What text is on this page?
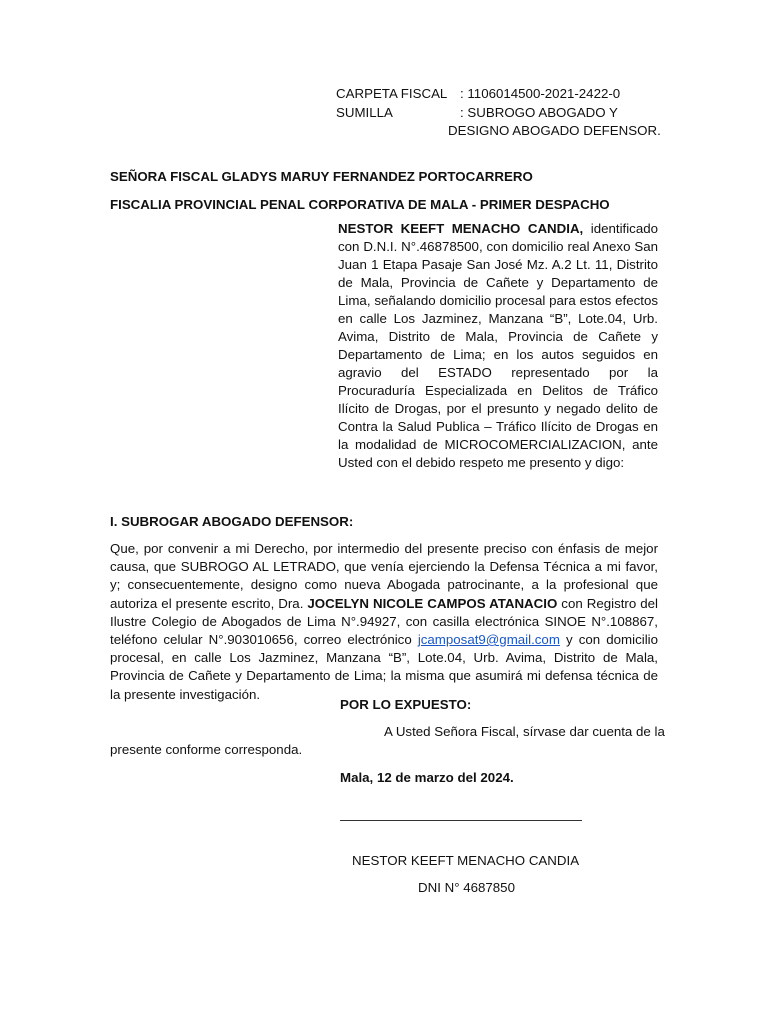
CARPETA FISCAL : 1106014500-2021-2422-0
SUMILLA	: SUBROGO ABOGADO Y
DESIGNO ABOGADO DEFENSOR.
SEÑORA FISCAL GLADYS MARUY FERNANDEZ PORTOCARRERO
FISCALIA PROVINCIAL PENAL CORPORATIVA DE MALA - PRIMER DESPACHO
NESTOR KEEFT MENACHO CANDIA, identificado con D.N.I. N°.46878500, con domicilio real Anexo San Juan 1 Etapa Pasaje San José Mz. A.2 Lt. 11, Distrito de Mala, Provincia de Cañete y Departamento de Lima, señalando domicilio procesal para estos efectos en calle Los Jazminez, Manzana “B”, Lote.04, Urb. Avima, Distrito de Mala, Provincia de Cañete y Departamento de Lima; en los autos seguidos en agravio del ESTADO representado por la Procuraduría Especializada en Delitos de Tráfico Ilícito de Drogas, por el presunto y negado delito de Contra la Salud Publica – Tráfico Ilícito de Drogas en la modalidad de MICROCOMERCIALIZACION, ante Usted con el debido respeto me presento y digo:
I. SUBROGAR ABOGADO DEFENSOR:
Que, por convenir a mi Derecho, por intermedio del presente preciso con énfasis de mejor causa, que SUBROGO AL LETRADO, que venía ejerciendo la Defensa Técnica a mi favor, y; consecuentemente, designo como nueva Abogada patrocinante, a la profesional que autoriza el presente escrito, Dra. JOCELYN NICOLE CAMPOS ATANACIO con Registro del Ilustre Colegio de Abogados de Lima N°.94927, con casilla electrónica SINOE N°.108867, teléfono celular N°.903010656, correo electrónico jcamposat9@gmail.com y con domicilio procesal, en calle Los Jazminez, Manzana “B”, Lote.04, Urb. Avima, Distrito de Mala, Provincia de Cañete y Departamento de Lima; la misma que asumirá mi defensa técnica de la presente investigación.
POR LO EXPUESTO:
A Usted Señora Fiscal, sírvase dar cuenta de la
presente conforme corresponda.
Mala, 12 de marzo del 2024.
NESTOR KEEFT MENACHO CANDIA
DNI N° 4687850
